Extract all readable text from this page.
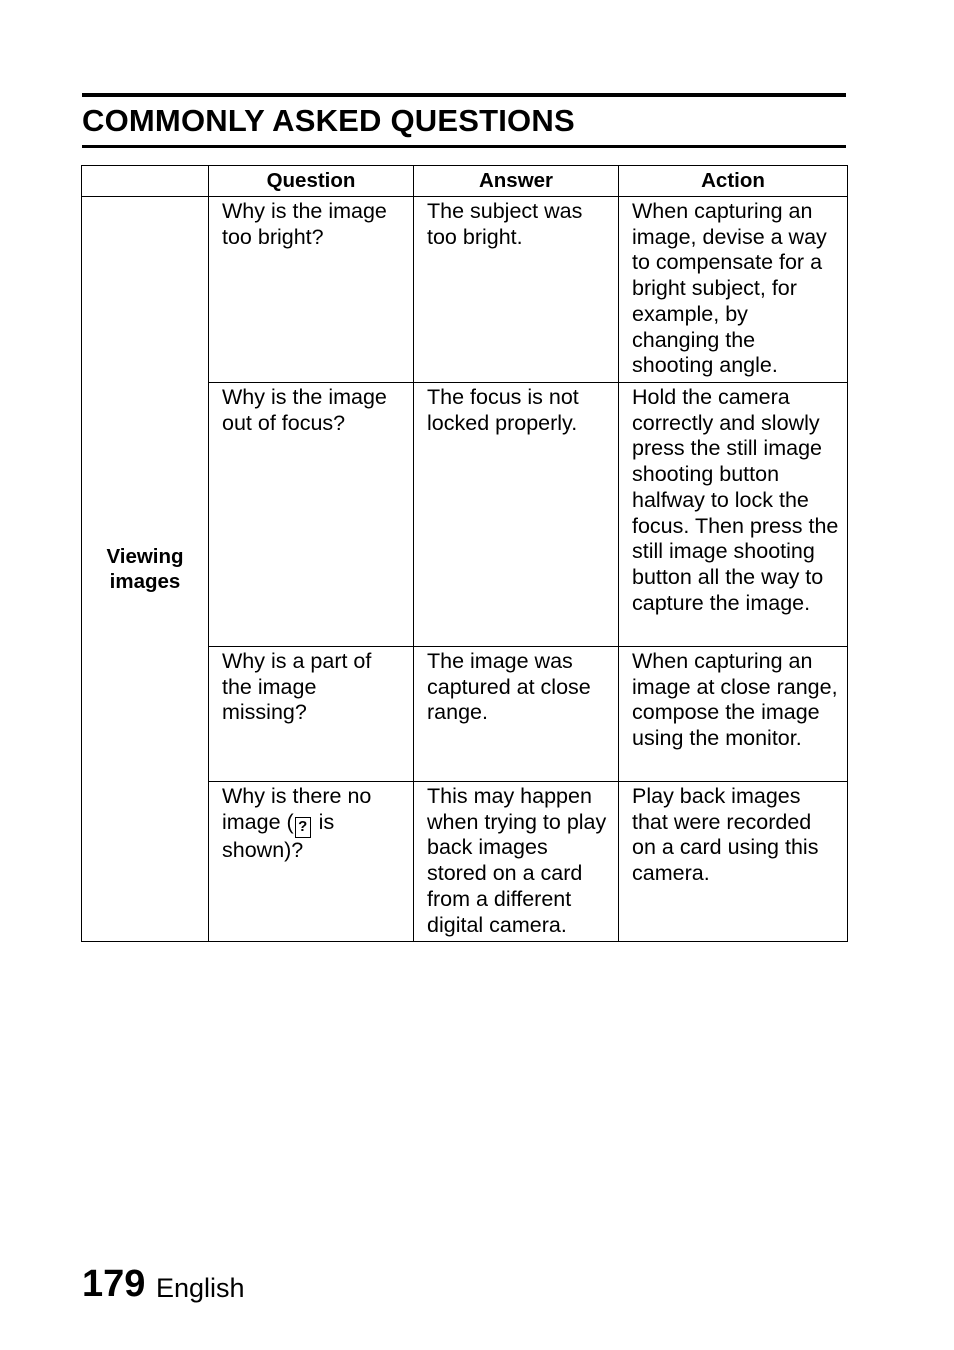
COMMONLY ASKED QUESTIONS
	Question	Answer	Action
Viewing images	Why is the image too bright?	The subject was too bright.	When capturing an image, devise a way to compensate for a bright subject, for example, by changing the shooting angle.
	Why is the image out of focus?	The focus is not locked properly.	Hold the camera correctly and slowly press the still image shooting button halfway to lock the focus. Then press the still image shooting button all the way to capture the image.
	Why is a part of the image missing?	The image was captured at close range.	When capturing an image at close range, compose the image using the monitor.
	Why is there no image ( ? is shown)?	This may happen when trying to play back images stored on a card from a different digital camera.	Play back images that were recorded on a card using this camera.
179 English
